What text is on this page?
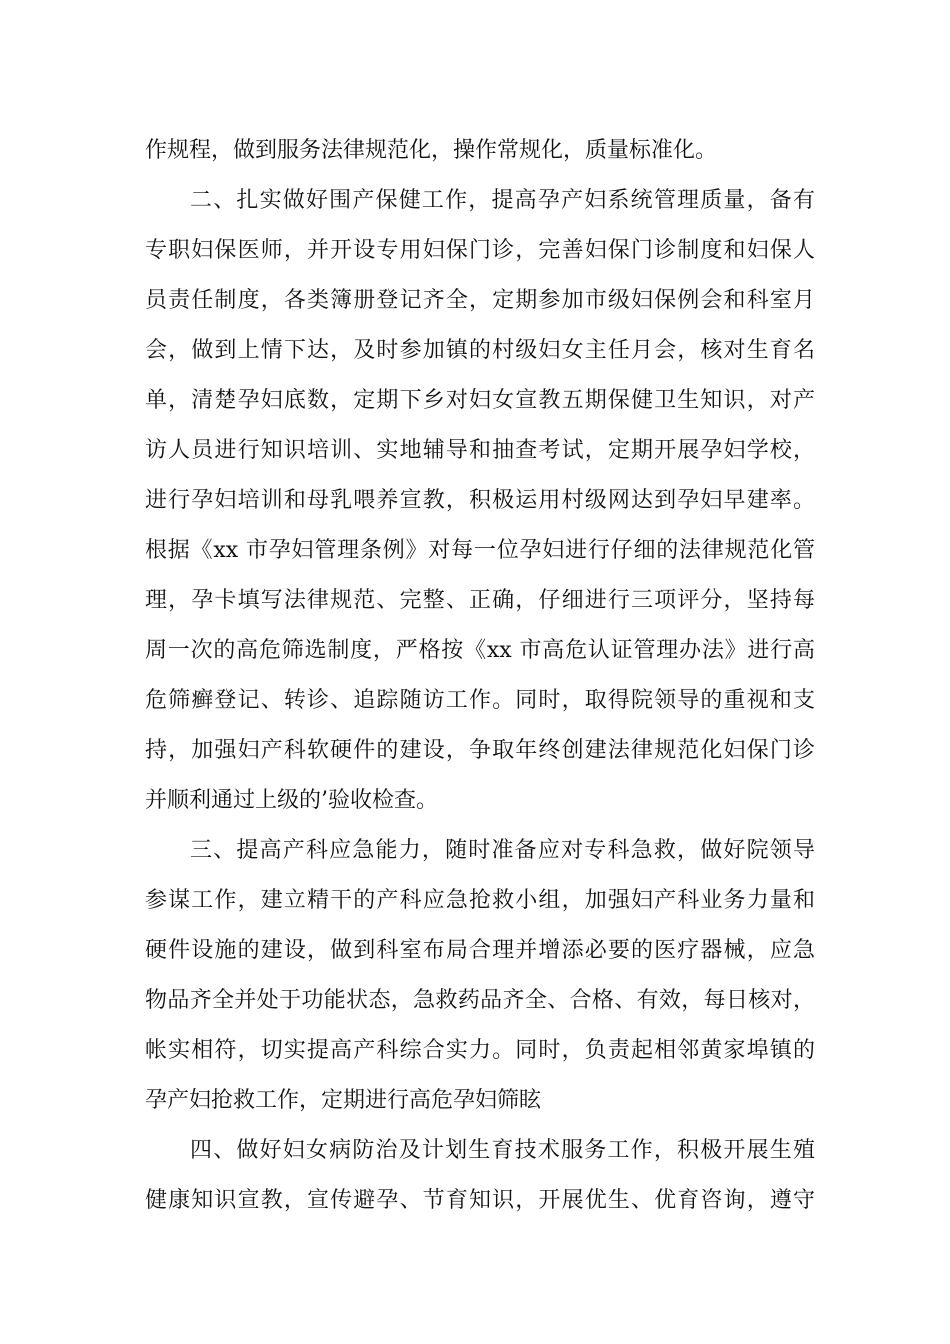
作规程，做到服务法律规范化，操作常规化，质量标准化。
二、扎实做好围产保健工作，提高孕产妇系统管理质量，备有
专职妇保医师，并开设专用妇保门诊，完善妇保门诊制度和妇保人
员责任制度，各类簿册登记齐全，定期参加市级妇保例会和科室月
会，做到上情下达，及时参加镇的村级妇女主任月会，核对生育名
单，清楚孕妇底数，定期下乡对妇女宣教五期保健卫生知识，对产
访人员进行知识培训、实地辅导和抽查考试，定期开展孕妇学校，
进行孕妇培训和母乳喂养宣教，积极运用村级网达到孕妇早建率。
根据《xx 市孕妇管理条例》对每一位孕妇进行仔细的法律规范化管
理，孕卡填写法律规范、完整、正确，仔细进行三项评分，坚持每
周一次的高危筛选制度，严格按《xx 市高危认证管理办法》进行高
危筛癣登记、转诊、追踪随访工作。同时，取得院领导的重视和支
持，加强妇产科软硬件的建设，争取年终创建法律规范化妇保门诊
并顺利通过上级的’验收检查。
三、提高产科应急能力，随时准备应对专科急救，做好院领导
参谋工作，建立精干的产科应急抢救小组，加强妇产科业务力量和
硬件设施的建设，做到科室布局合理并增添必要的医疗器械，应急
物品齐全并处于功能状态，急救药品齐全、合格、有效，每日核对，
帐实相符，切实提高产科综合实力。同时，负责起相邻黄家埠镇的
孕产妇抢救工作，定期进行高危孕妇筛眩
四、做好妇女病防治及计划生育技术服务工作，积极开展生殖
健康知识宣教，宣传避孕、节育知识，开展优生、优育咨询，遵守
